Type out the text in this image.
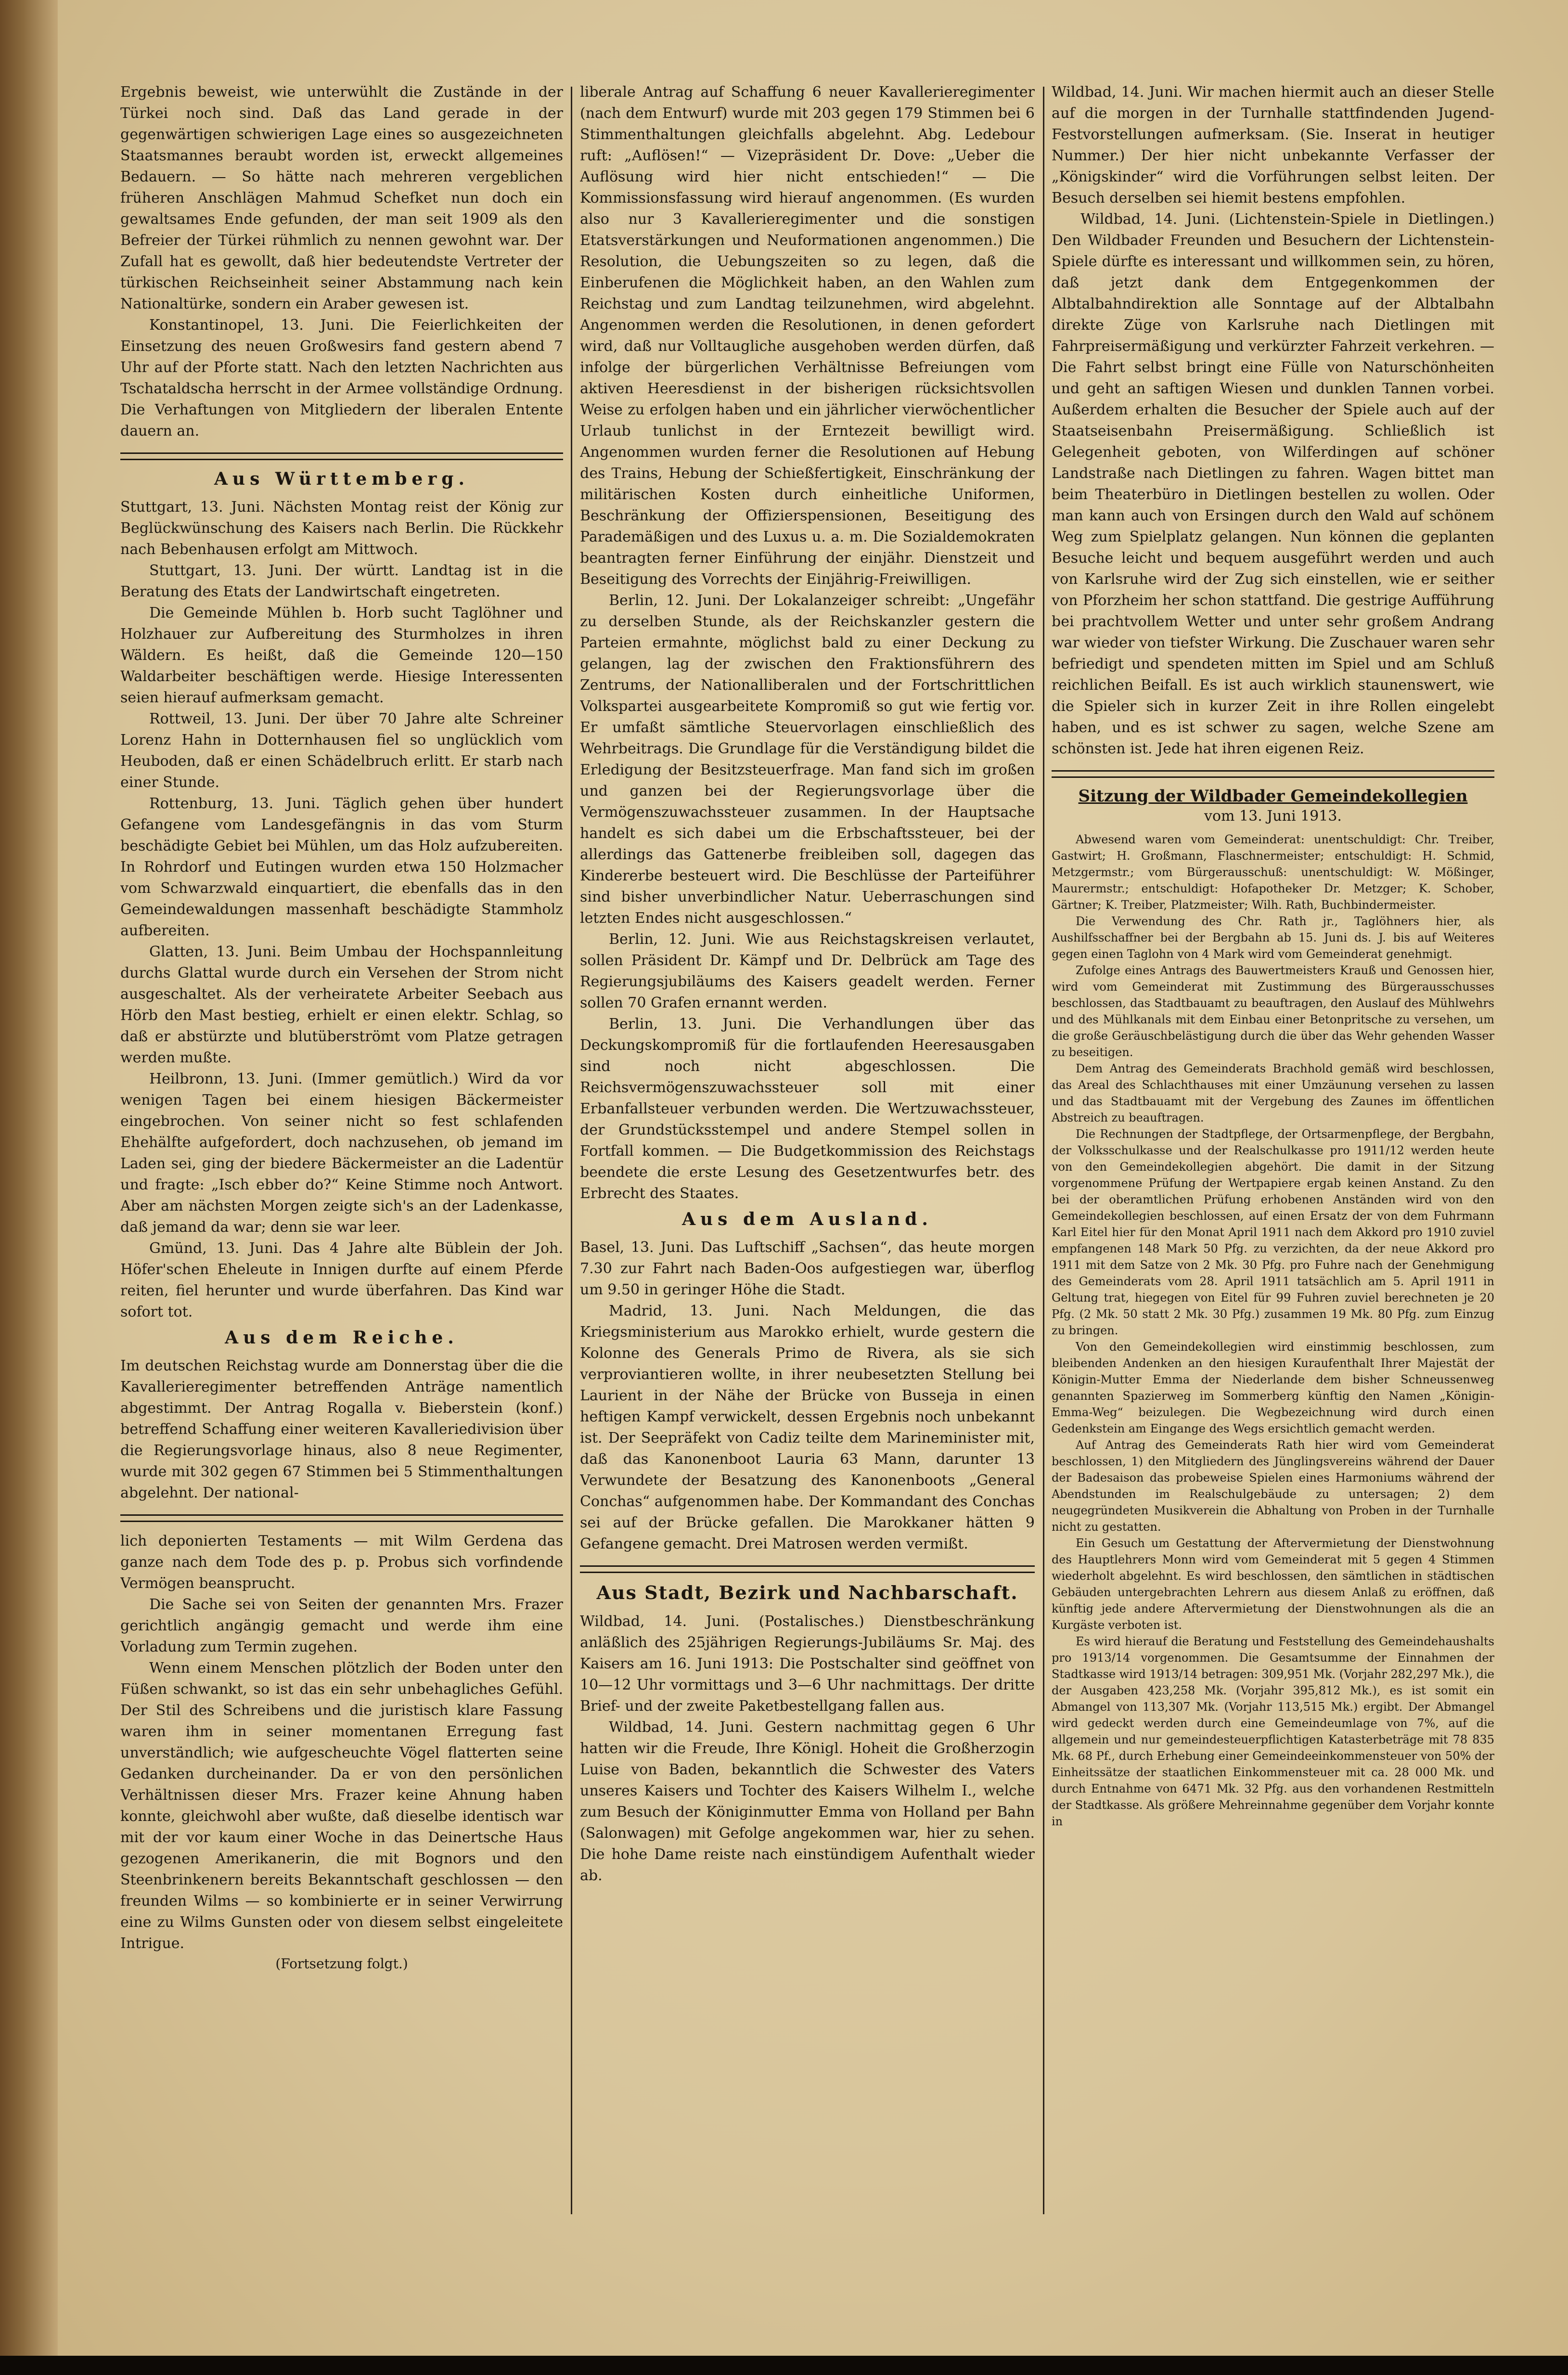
Ergebnis beweist, wie unterwühlt die Zustände in der Türkei noch sind. Daß das Land gerade in der gegenwärtigen schwierigen Lage eines so ausgezeichneten Staatsmannes beraubt worden ist, erweckt allgemeines Bedauern. — So hätte nach mehreren vergeblichen früheren Anschlägen Mahmud Schefket nun doch ein gewaltsames Ende gefunden, der man seit 1909 als den Befreier der Türkei rühmlich zu nennen gewohnt war. Der Zufall hat es gewollt, daß hier bedeutendste Vertreter der türkischen Reichseinheit seiner Abstammung nach kein Nationaltürke, sondern ein Araber gewesen ist.

Konstantinopel, 13. Juni. Die Feierlichkeiten der Einsetzung des neuen Großwesirs fand gestern abend 7 Uhr auf der Pforte statt. Nach den letzten Nachrichten aus Tschataldscha herrscht in der Armee vollständige Ordnung. Die Verhaftungen von Mitgliedern der liberalen Entente dauern an.

Aus Württemberg.

Stuttgart, 13. Juni. Nächsten Montag reist der König zur Beglückwünschung des Kaisers nach Berlin. Die Rückkehr nach Bebenhausen erfolgt am Mittwoch.

Stuttgart, 13. Juni. Der württ. Landtag ist in die Beratung des Etats der Landwirtschaft eingetreten.

Die Gemeinde Mühlen b. Horb sucht Taglöhner und Holzhauer zur Aufbereitung des Sturmholzes in ihren Wäldern. Es heißt, daß die Gemeinde 120—150 Waldarbeiter beschäftigen werde. Hiesige Interessenten seien hierauf aufmerksam gemacht.

Rottweil, 13. Juni. Der über 70 Jahre alte Schreiner Lorenz Hahn in Dotternhausen fiel so unglücklich vom Heuboden, daß er einen Schädelbruch erlitt. Er starb nach einer Stunde.

Rottenburg, 13. Juni. Täglich gehen über hundert Gefangene vom Landesgefängnis in das vom Sturm beschädigte Gebiet bei Mühlen, um das Holz aufzubereiten. In Rohrdorf und Eutingen wurden etwa 150 Holzmacher vom Schwarzwald einquartiert, die ebenfalls das in den Gemeindewaldungen massenhaft beschädigte Stammholz aufbereiten.

Glatten, 13. Juni. Beim Umbau der Hochspannleitung durchs Glattal wurde durch ein Versehen der Strom nicht ausgeschaltet. Als der verheiratete Arbeiter Seebach aus Hörb den Mast bestieg, erhielt er einen elektr. Schlag, so daß er abstürzte und blutüberströmt vom Platze getragen werden mußte.

Heilbronn, 13. Juni. (Immer gemütlich.) Wird da vor wenigen Tagen bei einem hiesigen Bäckermeister eingebrochen. Von seiner nicht so fest schlafenden Ehehälfte aufgefordert, doch nachzusehen, ob jemand im Laden sei, ging der biedere Bäckermeister an die Ladentür und fragte: „Isch ebber do?“ Keine Stimme noch Antwort. Aber am nächsten Morgen zeigte sich's an der Ladenkasse, daß jemand da war; denn sie war leer.

Gmünd, 13. Juni. Das 4 Jahre alte Büblein der Joh. Höfer'schen Eheleute in Innigen durfte auf einem Pferde reiten, fiel herunter und wurde überfahren. Das Kind war sofort tot.

Aus dem Reiche.

Im deutschen Reichstag wurde am Donnerstag über die die Kavallerieregimenter betreffenden Anträge namentlich abgestimmt. Der Antrag Rogalla v. Bieberstein (konf.) betreffend Schaffung einer weiteren Kavalleriedivision über die Regierungsvorlage hinaus, also 8 neue Regimenter, wurde mit 302 gegen 67 Stimmen bei 5 Stimmenthaltungen abgelehnt. Der national-

lich deponierten Testaments — mit Wilm Gerdena das ganze nach dem Tode des p. p. Probus sich vorfindende Vermögen beansprucht.

Die Sache sei von Seiten der genannten Mrs. Frazer gerichtlich angängig gemacht und werde ihm eine Vorladung zum Termin zugehen.

Wenn einem Menschen plötzlich der Boden unter den Füßen schwankt, so ist das ein sehr unbehagliches Gefühl. Der Stil des Schreibens und die juristisch klare Fassung waren ihm in seiner momentanen Erregung fast unverständlich; wie aufgescheuchte Vögel flatterten seine Gedanken durcheinander. Da er von den persönlichen Verhältnissen dieser Mrs. Frazer keine Ahnung haben konnte, gleichwohl aber wußte, daß dieselbe identisch war mit der vor kaum einer Woche in das Deinertsche Haus gezogenen Amerikanerin, die mit Bognors und den Steenbrinkenern bereits Bekanntschaft geschlossen — den freunden Wilms — so kombinierte er in seiner Verwirrung eine zu Wilms Gunsten oder von diesem selbst eingeleitete Intrigue.

(Fortsetzung folgt.)

liberale Antrag auf Schaffung 6 neuer Kavallerieregimenter (nach dem Entwurf) wurde mit 203 gegen 179 Stimmen bei 6 Stimmenthaltungen gleichfalls abgelehnt. Abg. Ledebour ruft: „Auflösen!“ — Vizepräsident Dr. Dove: „Ueber die Auflösung wird hier nicht entschieden!“ — Die Kommissionsfassung wird hierauf angenommen. (Es wurden also nur 3 Kavallerieregimenter und die sonstigen Etatsverstärkungen und Neuformationen angenommen.) Die Resolution, die Uebungszeiten so zu legen, daß die Einberufenen die Möglichkeit haben, an den Wahlen zum Reichstag und zum Landtag teilzunehmen, wird abgelehnt. Angenommen werden die Resolutionen, in denen gefordert wird, daß nur Volltaugliche ausgehoben werden dürfen, daß infolge der bürgerlichen Verhältnisse Befreiungen vom aktiven Heeresdienst in der bisherigen rücksichtsvollen Weise zu erfolgen haben und ein jährlicher vierwöchentlicher Urlaub tunlichst in der Erntezeit bewilligt wird. Angenommen wurden ferner die Resolutionen auf Hebung des Trains, Hebung der Schießfertigkeit, Einschränkung der militärischen Kosten durch einheitliche Uniformen, Beschränkung der Offizierspensionen, Beseitigung des Parademäßigen und des Luxus u. a. m. Die Sozialdemokraten beantragten ferner Einführung der einjähr. Dienstzeit und Beseitigung des Vorrechts der Einjährig-Freiwilligen.

Berlin, 12. Juni. Der Lokalanzeiger schreibt: „Ungefähr zu derselben Stunde, als der Reichskanzler gestern die Parteien ermahnte, möglichst bald zu einer Deckung zu gelangen, lag der zwischen den Fraktionsführern des Zentrums, der Nationalliberalen und der Fortschrittlichen Volkspartei ausgearbeitete Kompromiß so gut wie fertig vor. Er umfaßt sämtliche Steuervorlagen einschließlich des Wehrbeitrags. Die Grundlage für die Verständigung bildet die Erledigung der Besitzsteuerfrage. Man fand sich im großen und ganzen bei der Regierungsvorlage über die Vermögenszuwachssteuer zusammen. In der Hauptsache handelt es sich dabei um die Erbschaftssteuer, bei der allerdings das Gattenerbe freibleiben soll, dagegen das Kindererbe besteuert wird. Die Beschlüsse der Parteiführer sind bisher unverbindlicher Natur. Ueberraschungen sind letzten Endes nicht ausgeschlossen.“

Berlin, 12. Juni. Wie aus Reichstagskreisen verlautet, sollen Präsident Dr. Kämpf und Dr. Delbrück am Tage des Regierungsjubiläums des Kaisers geadelt werden. Ferner sollen 70 Grafen ernannt werden.

Berlin, 13. Juni. Die Verhandlungen über das Deckungskompromiß für die fortlaufenden Heeresausgaben sind noch nicht abgeschlossen. Die Reichsvermögenszuwachssteuer soll mit einer Erbanfallsteuer verbunden werden. Die Wertzuwachssteuer, der Grundstücksstempel und andere Stempel sollen in Fortfall kommen. — Die Budgetkommission des Reichstags beendete die erste Lesung des Gesetzentwurfes betr. des Erbrecht des Staates.

Aus dem Ausland.

Basel, 13. Juni. Das Luftschiff „Sachsen“, das heute morgen 7.30 zur Fahrt nach Baden-Oos aufgestiegen war, überflog um 9.50 in geringer Höhe die Stadt.

Madrid, 13. Juni. Nach Meldungen, die das Kriegsministerium aus Marokko erhielt, wurde gestern die Kolonne des Generals Primo de Rivera, als sie sich verproviantieren wollte, in ihrer neubesetzten Stellung bei Laurient in der Nähe der Brücke von Busseja in einen heftigen Kampf verwickelt, dessen Ergebnis noch unbekannt ist. Der Seepräfekt von Cadiz teilte dem Marineminister mit, daß das Kanonenboot Lauria 63 Mann, darunter 13 Verwundete der Besatzung des Kanonenboots „General Conchas“ aufgenommen habe. Der Kommandant des Conchas sei auf der Brücke gefallen. Die Marokkaner hätten 9 Gefangene gemacht. Drei Matrosen werden vermißt.

Aus Stadt, Bezirk und Nachbarschaft.

Wildbad, 14. Juni. (Postalisches.) Dienstbeschränkung anläßlich des 25jährigen Regierungs-Jubiläums Sr. Maj. des Kaisers am 16. Juni 1913: Die Postschalter sind geöffnet von 10—12 Uhr vormittags und 3—6 Uhr nachmittags. Der dritte Brief- und der zweite Paketbestellgang fallen aus.

Wildbad, 14. Juni. Gestern nachmittag gegen 6 Uhr hatten wir die Freude, Ihre Königl. Hoheit die Großherzogin Luise von Baden, bekanntlich die Schwester des Vaters unseres Kaisers und Tochter des Kaisers Wilhelm I., welche zum Besuch der Königinmutter Emma von Holland per Bahn (Salonwagen) mit Gefolge angekommen war, hier zu sehen. Die hohe Dame reiste nach einstündigem Aufenthalt wieder ab.

Wildbad, 14. Juni. Wir machen hiermit auch an dieser Stelle auf die morgen in der Turnhalle stattfindenden Jugend-Festvorstellungen aufmerksam. (Sie. Inserat in heutiger Nummer.) Der hier nicht unbekannte Verfasser der „Königskinder“ wird die Vorführungen selbst leiten. Der Besuch derselben sei hiemit bestens empfohlen.

Wildbad, 14. Juni. (Lichtenstein-Spiele in Dietlingen.) Den Wildbader Freunden und Besuchern der Lichtenstein-Spiele dürfte es interessant und willkommen sein, zu hören, daß jetzt dank dem Entgegenkommen der Albtalbahndirektion alle Sonntage auf der Albtalbahn direkte Züge von Karlsruhe nach Dietlingen mit Fahrpreisermäßigung und verkürzter Fahrzeit verkehren. — Die Fahrt selbst bringt eine Fülle von Naturschönheiten und geht an saftigen Wiesen und dunklen Tannen vorbei. Außerdem erhalten die Besucher der Spiele auch auf der Staatseisenbahn Preisermäßigung. Schließlich ist Gelegenheit geboten, von Wilferdingen auf schöner Landstraße nach Dietlingen zu fahren. Wagen bittet man beim Theaterbüro in Dietlingen bestellen zu wollen. Oder man kann auch von Ersingen durch den Wald auf schönem Weg zum Spielplatz gelangen. Nun können die geplanten Besuche leicht und bequem ausgeführt werden und auch von Karlsruhe wird der Zug sich einstellen, wie er seither von Pforzheim her schon stattfand. Die gestrige Aufführung bei prachtvollem Wetter und unter sehr großem Andrang war wieder von tiefster Wirkung. Die Zuschauer waren sehr befriedigt und spendeten mitten im Spiel und am Schluß reichlichen Beifall. Es ist auch wirklich staunenswert, wie die Spieler sich in kurzer Zeit in ihre Rollen eingelebt haben, und es ist schwer zu sagen, welche Szene am schönsten ist. Jede hat ihren eigenen Reiz.

Sitzung der Wildbader Gemeindekollegien
vom 13. Juni 1913.

Abwesend waren vom Gemeinderat: unentschuldigt: Chr. Treiber, Gastwirt; H. Großmann, Flaschnermeister; entschuldigt: H. Schmid, Metzgermstr.; vom Bürgerausschuß: unentschuldigt: W. Mößinger, Maurermstr.; entschuldigt: Hofapotheker Dr. Metzger; K. Schober, Gärtner; K. Treiber, Platzmeister; Wilh. Rath, Buchbindermeister.

Die Verwendung des Chr. Rath jr., Taglöhners hier, als Aushilfsschaffner bei der Bergbahn ab 15. Juni ds. J. bis auf Weiteres gegen einen Taglohn von 4 Mark wird vom Gemeinderat genehmigt.

Zufolge eines Antrags des Bauwertmeisters Krauß und Genossen hier, wird vom Gemeinderat mit Zustimmung des Bürgerausschusses beschlossen, das Stadtbauamt zu beauftragen, den Auslauf des Mühlwehrs und des Mühlkanals mit dem Einbau einer Betonpritsche zu versehen, um die große Geräuschbelästigung durch die über das Wehr gehenden Wasser zu beseitigen.

Dem Antrag des Gemeinderats Brachhold gemäß wird beschlossen, das Areal des Schlachthauses mit einer Umzäunung versehen zu lassen und das Stadtbauamt mit der Vergebung des Zaunes im öffentlichen Abstreich zu beauftragen.

Die Rechnungen der Stadtpflege, der Ortsarmenpflege, der Bergbahn, der Volksschulkasse und der Realschulkasse pro 1911/12 werden heute von den Gemeindekollegien abgehört. Die damit in der Sitzung vorgenommene Prüfung der Wertpapiere ergab keinen Anstand. Zu den bei der oberamtlichen Prüfung erhobenen Anständen wird von den Gemeindekollegien beschlossen, auf einen Ersatz der von dem Fuhrmann Karl Eitel hier für den Monat April 1911 nach dem Akkord pro 1910 zuviel empfangenen 148 Mark 50 Pfg. zu verzichten, da der neue Akkord pro 1911 mit dem Satze von 2 Mk. 30 Pfg. pro Fuhre nach der Genehmigung des Gemeinderats vom 28. April 1911 tatsächlich am 5. April 1911 in Geltung trat, hiegegen von Eitel für 99 Fuhren zuviel berechneten je 20 Pfg. (2 Mk. 50 statt 2 Mk. 30 Pfg.) zusammen 19 Mk. 80 Pfg. zum Einzug zu bringen.

Von den Gemeindekollegien wird einstimmig beschlossen, zum bleibenden Andenken an den hiesigen Kuraufenthalt Ihrer Majestät der Königin-Mutter Emma der Niederlande dem bisher Schneussenweg genannten Spazierweg im Sommerberg künftig den Namen „Königin-Emma-Weg“ beizulegen. Die Wegbezeichnung wird durch einen Gedenkstein am Eingange des Wegs ersichtlich gemacht werden.

Auf Antrag des Gemeinderats Rath hier wird vom Gemeinderat beschlossen, 1) den Mitgliedern des Jünglingsvereins während der Dauer der Badesaison das probeweise Spielen eines Harmoniums während der Abendstunden im Realschulgebäude zu untersagen; 2) dem neugegründeten Musikverein die Abhaltung von Proben in der Turnhalle nicht zu gestatten.

Ein Gesuch um Gestattung der Aftervermietung der Dienstwohnung des Hauptlehrers Monn wird vom Gemeinderat mit 5 gegen 4 Stimmen wiederholt abgelehnt. Es wird beschlossen, den sämtlichen in städtischen Gebäuden untergebrachten Lehrern aus diesem Anlaß zu eröffnen, daß künftig jede andere Aftervermietung der Dienstwohnungen als die an Kurgäste verboten ist.

Es wird hierauf die Beratung und Feststellung des Gemeindehaushalts pro 1913/14 vorgenommen. Die Gesamtsumme der Einnahmen der Stadtkasse wird 1913/14 betragen: 309,951 Mk. (Vorjahr 282,297 Mk.), die der Ausgaben 423,258 Mk. (Vorjahr 395,812 Mk.), es ist somit ein Abmangel von 113,307 Mk. (Vorjahr 113,515 Mk.) ergibt. Der Abmangel wird gedeckt werden durch eine Gemeindeumlage von 7%, auf die allgemein und nur gemeindesteuerpflichtigen Katasterbeträge mit 78 835 Mk. 68 Pf., durch Erhebung einer Gemeindeeinkommensteuer von 50% der Einheitssätze der staatlichen Einkommensteuer mit ca. 28 000 Mk. und durch Entnahme von 6471 Mk. 32 Pfg. aus den vorhandenen Restmitteln der Stadtkasse. Als größere Mehreinnahme gegenüber dem Vorjahr konnte in
